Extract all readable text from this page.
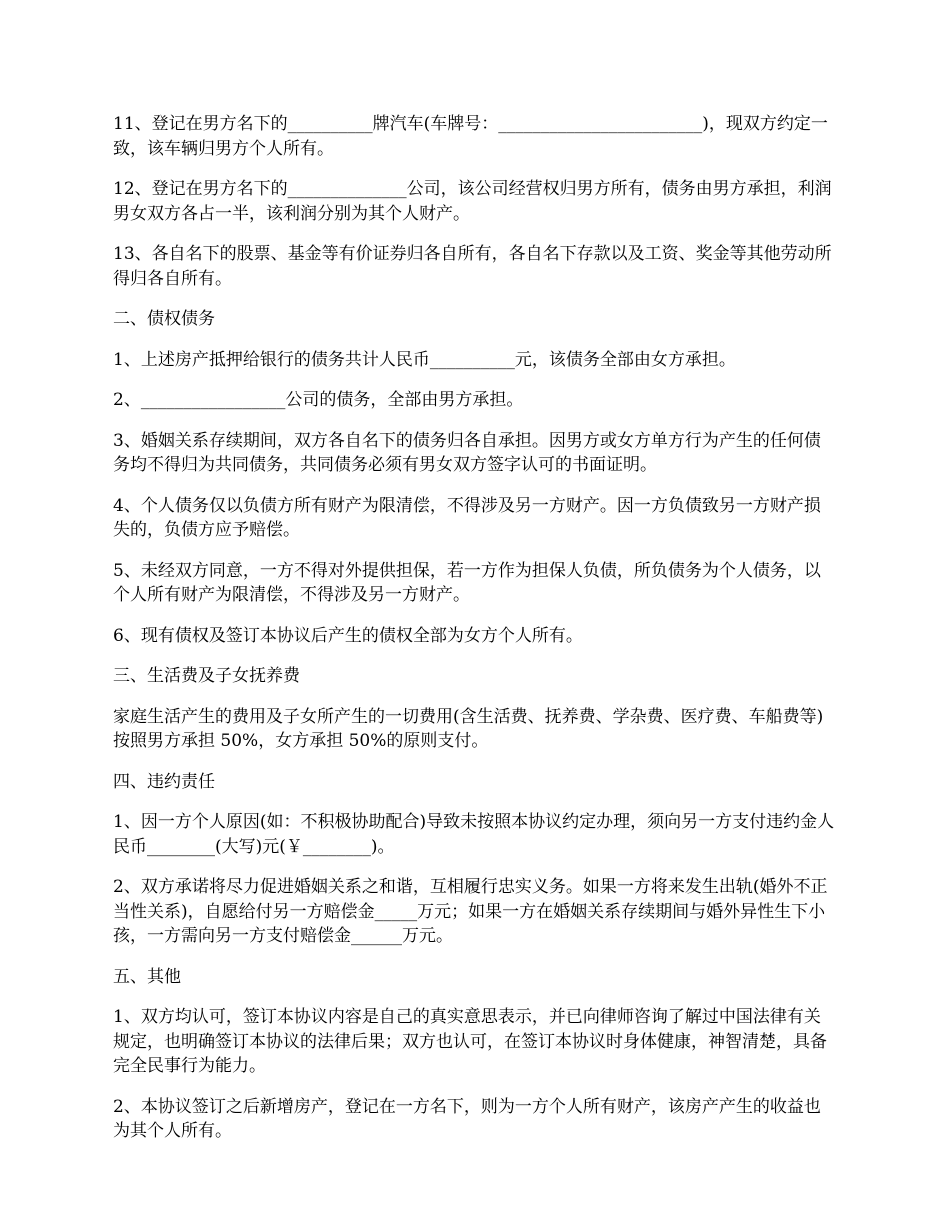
11、登记在男方名下的__________牌汽车(车牌号：________________________)，现双方约定一致，该车辆归男方个人所有。

12、登记在男方名下的______________公司，该公司经营权归男方所有，债务由男方承担，利润男女双方各占一半，该利润分别为其个人财产。

13、各自名下的股票、基金等有价证券归各自所有，各自名下存款以及工资、奖金等其他劳动所得归各自所有。

二、债权债务

1、上述房产抵押给银行的债务共计人民币__________元，该债务全部由女方承担。

2、_________________公司的债务，全部由男方承担。

3、婚姻关系存续期间，双方各自名下的债务归各自承担。因男方或女方单方行为产生的任何债务均不得归为共同债务，共同债务必须有男女双方签字认可的书面证明。

4、个人债务仅以负债方所有财产为限清偿，不得涉及另一方财产。因一方负债致另一方财产损失的，负债方应予赔偿。

5、未经双方同意，一方不得对外提供担保，若一方作为担保人负债，所负债务为个人债务，以个人所有财产为限清偿，不得涉及另一方财产。

6、现有债权及签订本协议后产生的债权全部为女方个人所有。

三、生活费及子女抚养费

家庭生活产生的费用及子女所产生的一切费用(含生活费、抚养费、学杂费、医疗费、车船费等)按照男方承担 50%，女方承担 50%的原则支付。

四、违约责任

1、因一方个人原因(如：不积极协助配合)导致未按照本协议约定办理，须向另一方支付违约金人民币________(大写)元(￥________)。

2、双方承诺将尽力促进婚姻关系之和谐，互相履行忠实义务。如果一方将来发生出轨(婚外不正当性关系)，自愿给付另一方赔偿金_____万元；如果一方在婚姻关系存续期间与婚外异性生下小孩，一方需向另一方支付赔偿金______万元。

五、其他

1、双方均认可，签订本协议内容是自己的真实意思表示，并已向律师咨询了解过中国法律有关规定，也明确签订本协议的法律后果；双方也认可，在签订本协议时身体健康，神智清楚，具备完全民事行为能力。

2、本协议签订之后新增房产，登记在一方名下，则为一方个人所有财产，该房产产生的收益也为其个人所有。
